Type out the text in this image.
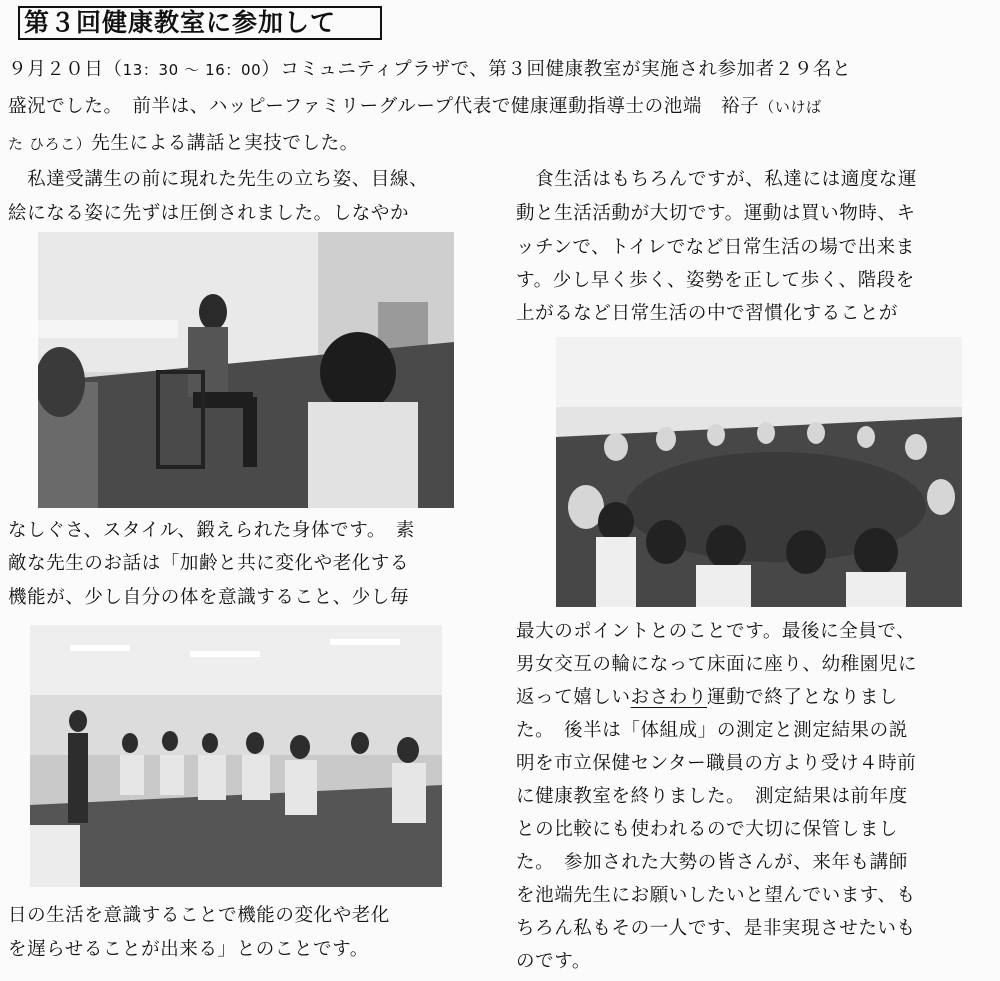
第３回健康教室に参加して
９月２０日（13：30 〜 16：00）コミュニティプラザで、第３回健康教室が実施され参加者２９名と
盛況でした。　前半は、ハッピーファミリーグループ代表で健康運動指導士の池端　裕子（いけば
た ひろこ）先生による講話と実技でした。
　私達受講生の前に現れた先生の立ち姿、目線、
絵になる姿に先ずは圧倒されました。しなやか
なしぐさ、スタイル、鍛えられた身体です。　素
敵な先生のお話は「加齢と共に変化や老化する
機能が、少し自分の体を意識すること、少し毎
日の生活を意識することで機能の変化や老化
を遅らせることが出来る」とのことです。
　食生活はもちろんですが、私達には適度な運
動と生活活動が大切です。運動は買い物時、キ
ッチンで、トイレでなど日常生活の場で出来ま
す。少し早く歩く、姿勢を正して歩く、階段を
上がるなど日常生活の中で習慣化することが
最大のポイントとのことです。最後に全員で、
男女交互の輪になって床面に座り、幼稚園児に
返って嬉しいおさわり運動で終了となりまし
た。　後半は「体組成」の測定と測定結果の説
明を市立保健センター職員の方より受け４時前
に健康教室を終りました。　測定結果は前年度
との比較にも使われるので大切に保管しまし
た。　参加された大勢の皆さんが、来年も講師
を池端先生にお願いしたいと望んでいます、も
ちろん私もその一人です、是非実現させたいも
のです。
